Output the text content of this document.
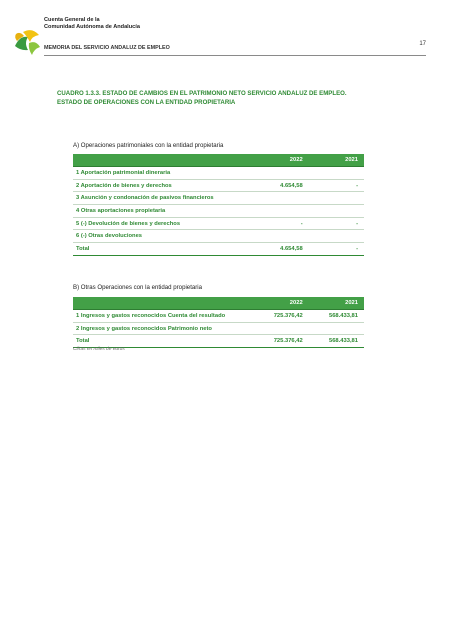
Cuenta General de la
Comunidad Autónoma de Andalucía
MEMORIA DEL SERVICIO ANDALUZ DE EMPLEO
17
CUADRO 1.3.3. ESTADO DE CAMBIOS EN EL PATRIMONIO NETO SERVICIO ANDALUZ DE EMPLEO.
ESTADO DE OPERACIONES CON LA ENTIDAD PROPIETARIA
A) Operaciones patrimoniales con la entidad propietaria
	2022	2021
1 Aportación patrimonial dineraria		
2 Aportación de bienes y derechos	4.654,58	-
3 Asunción y condonación de pasivos financieros		
4 Otras aportaciones propietaria		
5 (-) Devolución de bienes y derechos	-	-
6 (-) Otras devoluciones		
Total	4.654,58	-
B) Otras Operaciones con la entidad propietaria
	2022	2021
1 Ingresos y gastos reconocidos Cuenta del resultado	725.376,42	568.433,81
2 Ingresos y gastos reconocidos Patrimonio neto		
Total	725.376,42	568.433,81
Cifras en miles de euros
